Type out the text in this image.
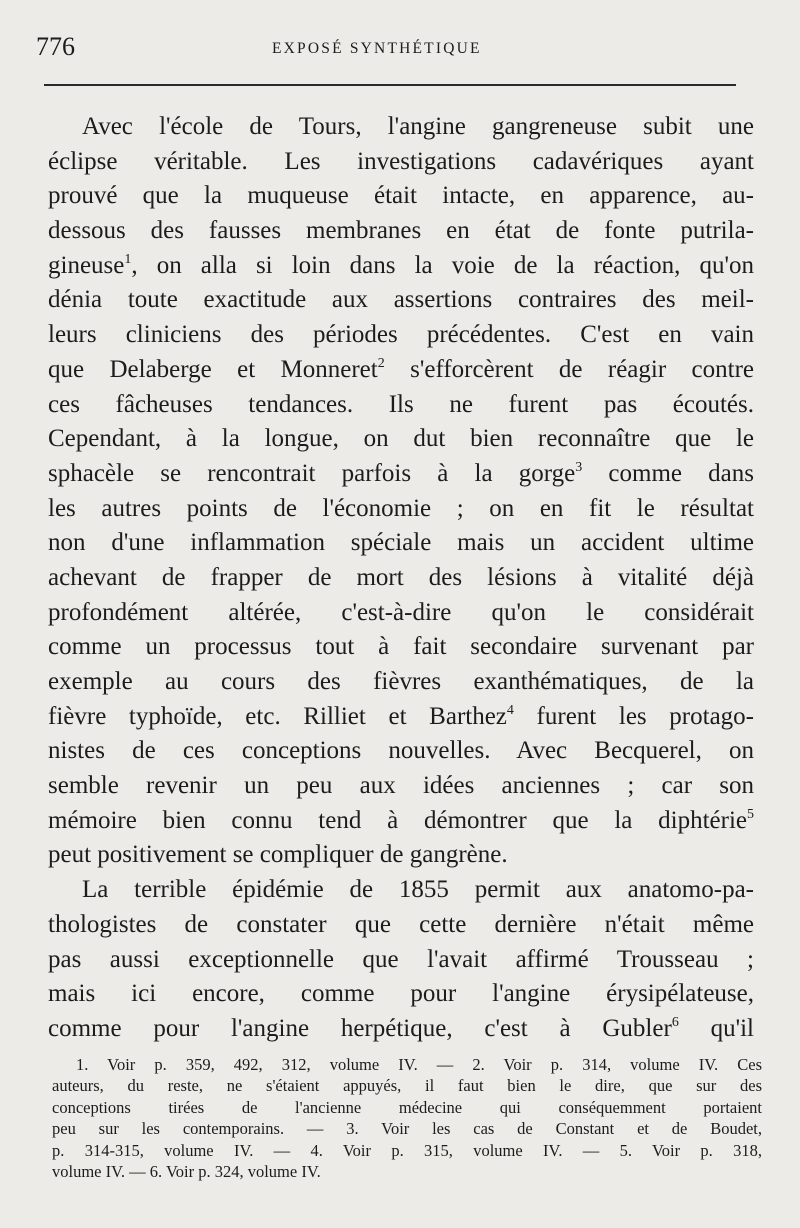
776	EXPOSÉ SYNTHÉTIQUE
Avec l'école de Tours, l'angine gangreneuse subit une
éclipse véritable. Les investigations cadavériques ayant
prouvé que la muqueuse était intacte, en apparence, au-
dessous des fausses membranes en état de fonte putrila-
gineuse$^1$, on alla si loin dans la voie de la réaction, qu'on
dénia toute exactitude aux assertions contraires des meil-
leurs cliniciens des périodes précédentes. C'est en vain
que Delaberge et Monneret$^2$ s'efforcèrent de réagir contre
ces fâcheuses tendances. Ils ne furent pas écoutés.
Cependant, à la longue, on dut bien reconnaître que le
sphacèle se rencontrait parfois à la gorge$^3$ comme dans
les autres points de l'économie ; on en fit le résultat
non d'une inflammation spéciale mais un accident ultime
achevant de frapper de mort des lésions à vitalité déjà
profondément altérée, c'est-à-dire qu'on le considérait
comme un processus tout à fait secondaire survenant par
exemple au cours des fièvres exanthématiques, de la
fièvre typhoïde, etc. Rilliet et Barthez$^4$ furent les protago-
nistes de ces conceptions nouvelles. Avec Becquerel, on
semble revenir un peu aux idées anciennes ; car son
mémoire bien connu tend à démontrer que la diphtérie$^5$
peut positivement se compliquer de gangrène.
La terrible épidémie de 1855 permit aux anatomo-pa-
thologistes de constater que cette dernière n'était même
pas aussi exceptionnelle que l'avait affirmé Trousseau ;
mais ici encore, comme pour l'angine érysipélateuse,
comme pour l'angine herpétique, c'est à Gubler$^6$ qu'il
1. Voir p. 359, 492, 312, volume IV. — 2. Voir p. 314, volume IV. Ces
auteurs, du reste, ne s'étaient appuyés, il faut bien le dire, que sur des
conceptions tirées de l'ancienne médecine qui conséquemment portaient
peu sur les contemporains. — 3. Voir les cas de Constant et de Boudet,
p. 314-315, volume IV. — 4. Voir p. 315, volume IV. — 5. Voir p. 318,
volume IV. — 6. Voir p. 324, volume IV.
